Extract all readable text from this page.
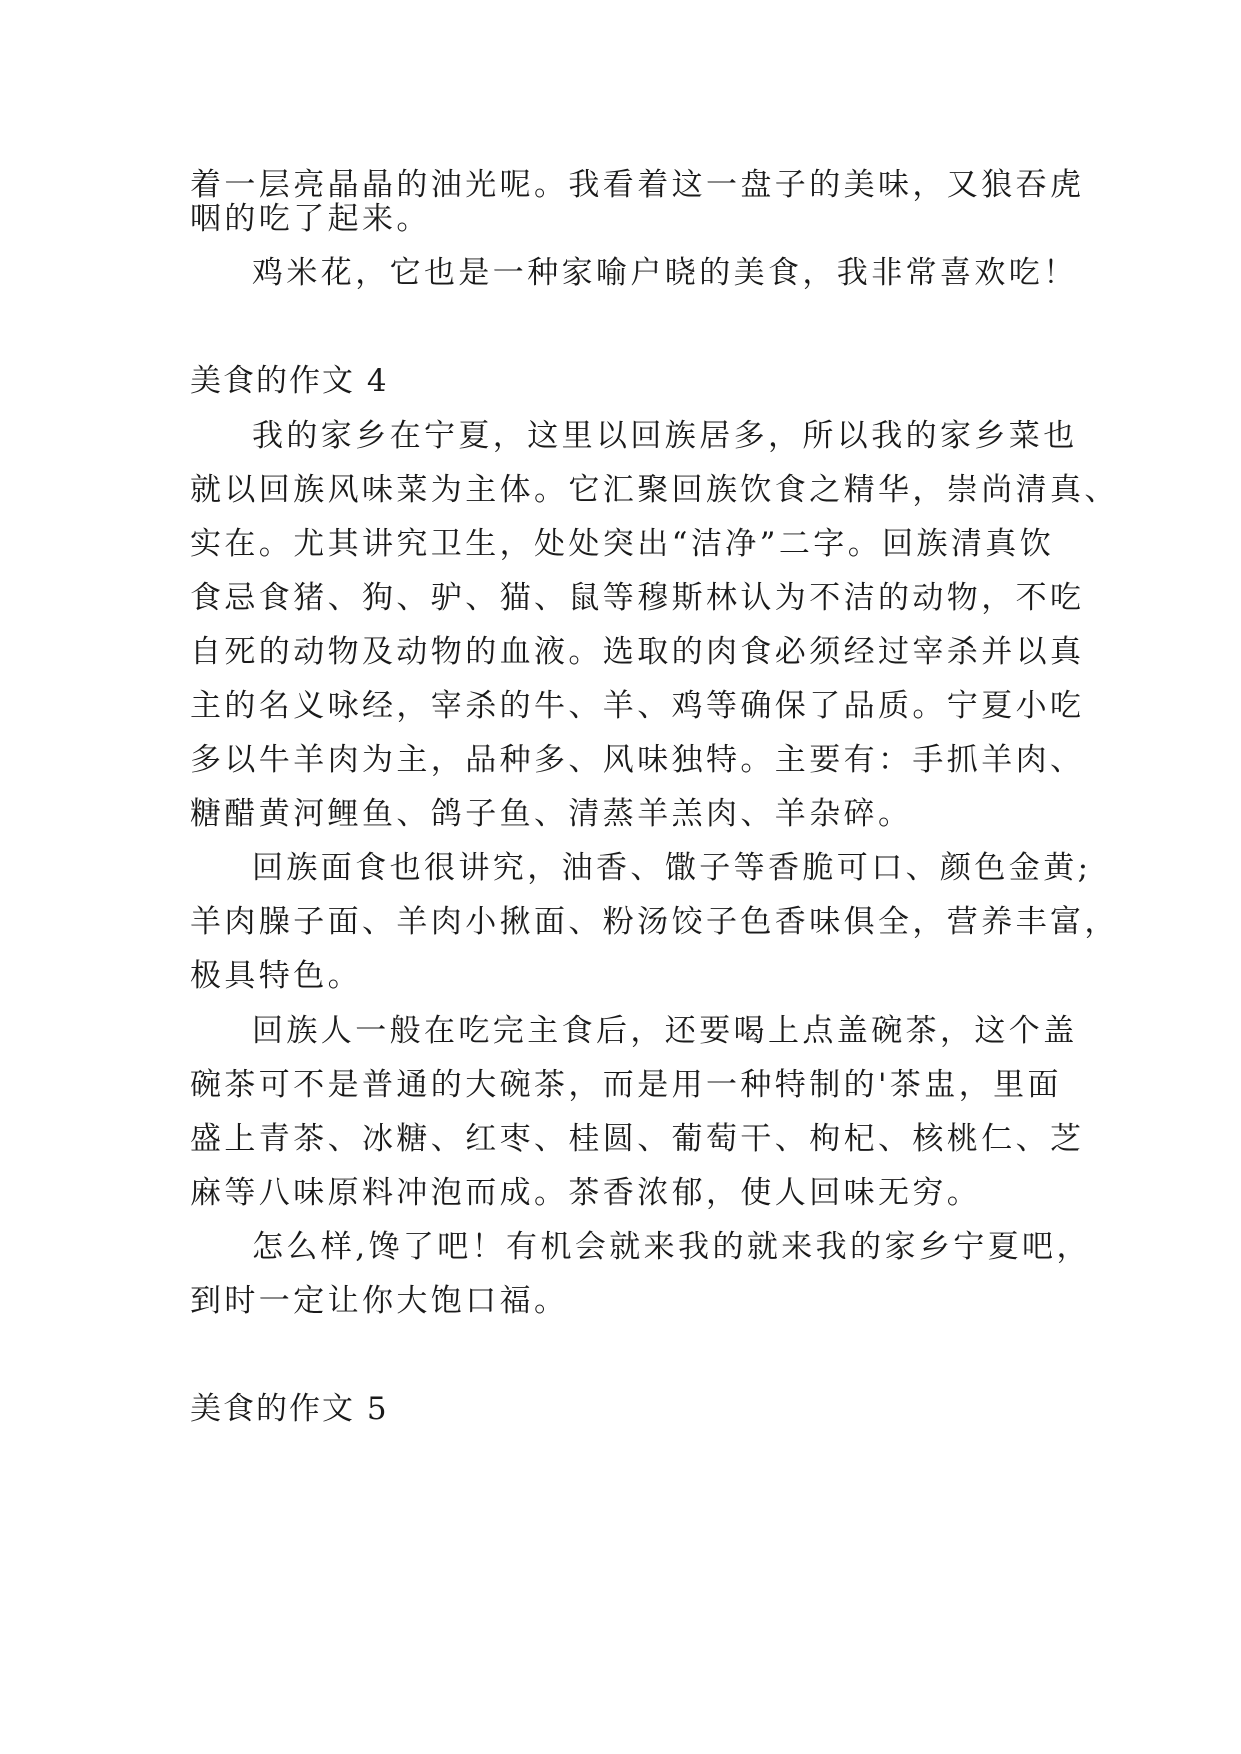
着一层亮晶晶的油光呢。我看着这一盘子的美味，又狼吞虎
咽的吃了起来。
鸡米花，它也是一种家喻户晓的美食，我非常喜欢吃！
美食的作文 4
我的家乡在宁夏，这里以回族居多，所以我的家乡菜也
就以回族风味菜为主体。它汇聚回族饮食之精华，崇尚清真、
实在。尤其讲究卫生，处处突出“洁净”二字。回族清真饮
食忌食猪、狗、驴、猫、鼠等穆斯林认为不洁的动物，不吃
自死的动物及动物的血液。选取的肉食必须经过宰杀并以真
主的名义咏经，宰杀的牛、羊、鸡等确保了品质。宁夏小吃
多以牛羊肉为主，品种多、风味独特。主要有：手抓羊肉、
糖醋黄河鲤鱼、鸽子鱼、清蒸羊羔肉、羊杂碎。
回族面食也很讲究，油香、馓子等香脆可口、颜色金黄;
羊肉臊子面、羊肉小揪面、粉汤饺子色香味俱全，营养丰富，
极具特色。
回族人一般在吃完主食后，还要喝上点盖碗茶，这个盖
碗茶可不是普通的大碗茶，而是用一种特制的'茶盅，里面
盛上青茶、冰糖、红枣、桂圆、葡萄干、枸杞、核桃仁、芝
麻等八味原料冲泡而成。茶香浓郁，使人回味无穷。
怎么样,馋了吧！有机会就来我的就来我的家乡宁夏吧，
到时一定让你大饱口福。
美食的作文 5
